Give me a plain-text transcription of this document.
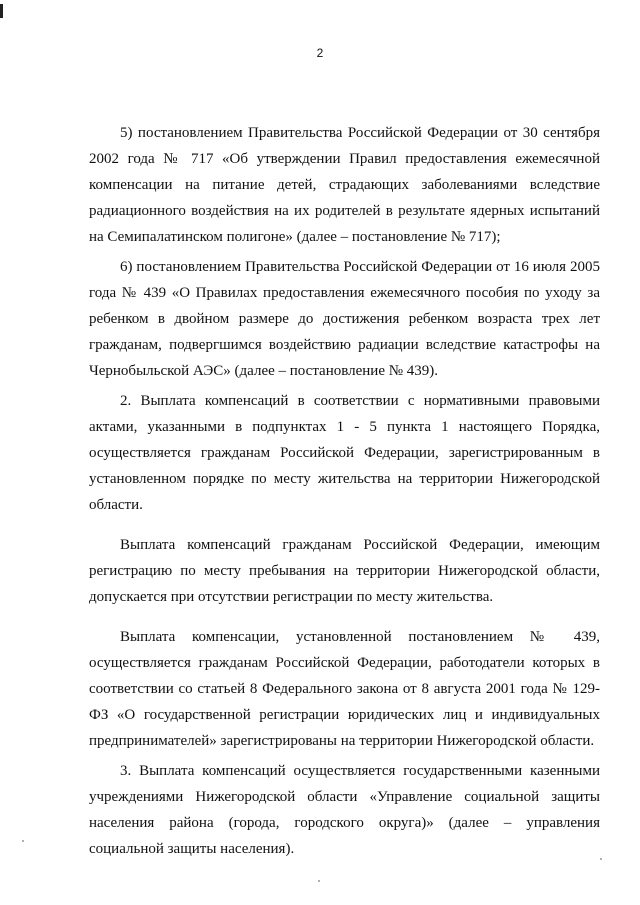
2

5) постановлением Правительства Российской Федерации от 30 сентября 2002 года № 717 «Об утверждении Правил предоставления ежемесячной компенсации на питание детей, страдающих заболеваниями вследствие радиационного воздействия на их родителей в результате ядерных испытаний на Семипалатинском полигоне» (далее – постановление № 717);

6) постановлением Правительства Российской Федерации от 16 июля 2005 года № 439 «О Правилах предоставления ежемесячного пособия по уходу за ребенком в двойном размере до достижения ребенком возраста трех лет гражданам, подвергшимся воздействию радиации вследствие катастрофы на Чернобыльской АЭС» (далее – постановление № 439).

2. Выплата компенсаций в соответствии с нормативными правовыми актами, указанными в подпунктах 1 - 5 пункта 1 настоящего Порядка, осуществляется гражданам Российской Федерации, зарегистрированным в установленном порядке по месту жительства на территории Нижегородской области.

Выплата компенсаций гражданам Российской Федерации, имеющим регистрацию по месту пребывания на территории Нижегородской области, допускается при отсутствии регистрации по месту жительства.

Выплата компенсации, установленной постановлением № 439, осуществляется гражданам Российской Федерации, работодатели которых в соответствии со статьей 8 Федерального закона от 8 августа 2001 года № 129-ФЗ «О государственной регистрации юридических лиц и индивидуальных предпринимателей» зарегистрированы на территории Нижегородской области.

3. Выплата компенсаций осуществляется государственными казенными учреждениями Нижегородской области «Управление социальной защиты населения района (города, городского округа)» (далее – управления социальной защиты населения).
